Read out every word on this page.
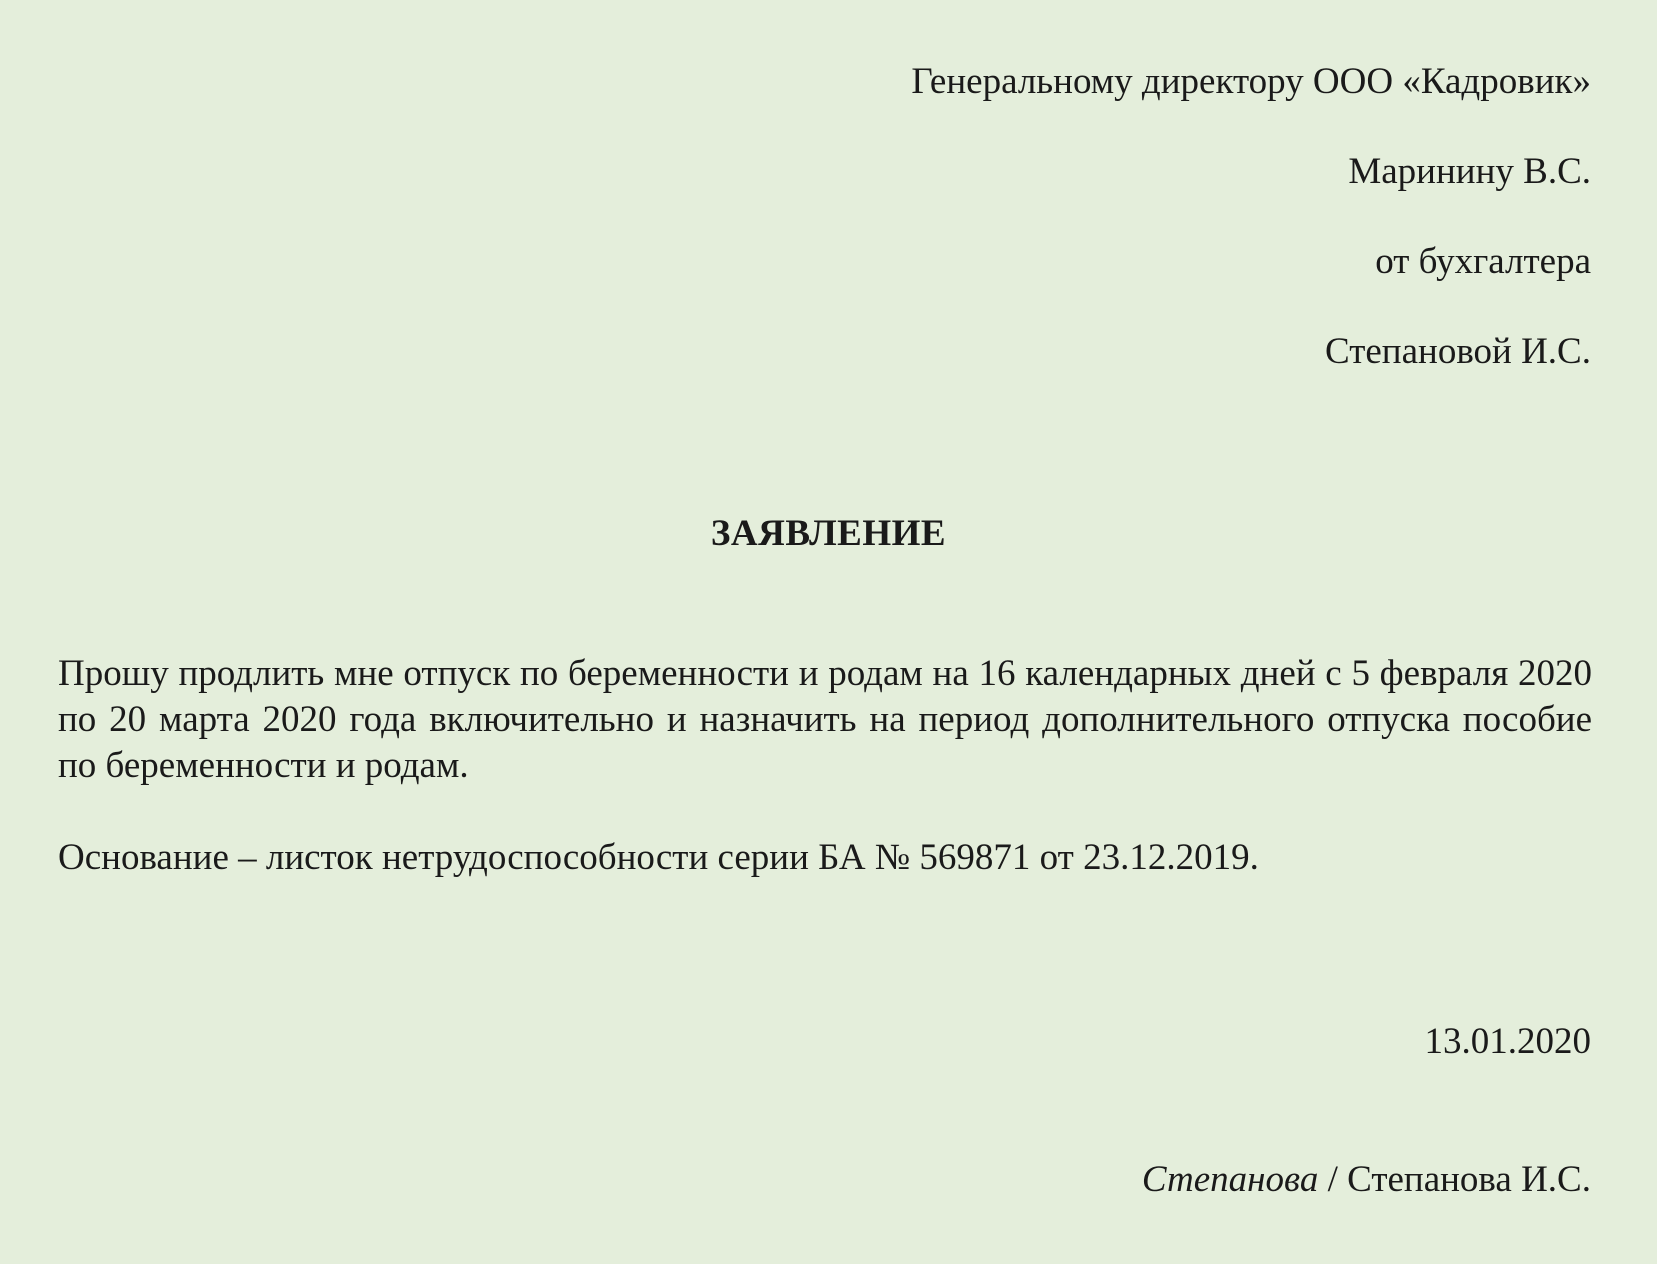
Генеральному директору ООО «Кадровик»
Маринину В.С.
от бухгалтера
Степановой И.С.
ЗАЯВЛЕНИЕ
Прошу продлить мне отпуск по беременности и родам на 16 календарных дней с 5 февраля 2020 по 20 марта 2020 года включительно и назначить на период дополнительного отпуска пособие по беременности и родам.
Основание – листок нетрудоспособности серии БА № 569871 от 23.12.2019.
13.01.2020
Степанова / Степанова И.С.
